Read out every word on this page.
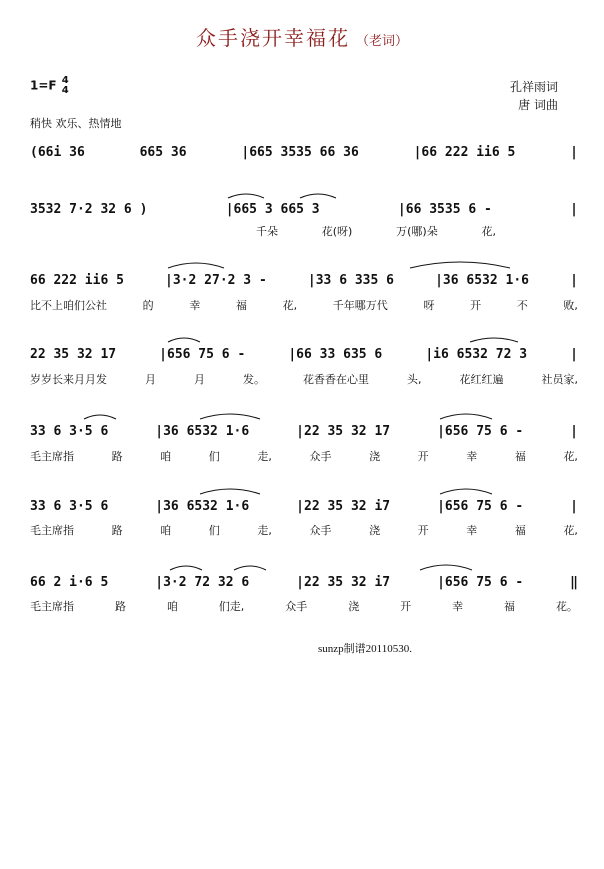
众手浇开幸福花 （老词）
1=F 4
4	孔祥雨词
唐 词曲
稍快 欢乐、热情地
(66i 36	665 36	|665 3535 66 36	|66 222 ii6 5	|
3532 7·2 32 6 )	|665 3 665 3	|66 3535 6 -	|
千朵	花(呀)	万(哪)朵	花,
66 222 ii6 5	|3·2 27·2 3 -	|33 6 335 6	|36 6532 1·6	|
比不上咱们公社	的	幸	福	花,	千年哪万代	呀	开	不	败,
22 35 32 17	|656 75 6 -	|66 33 635 6	|i6 6532 72 3	|
岁岁长来月月发	月	月	发。	花香香在心里	头,	花红红遍	社员家,
33 6 3·5 6	|36 6532 1·6	|22 35 32 17	|656 75 6 -	|
毛主席指	路	咱	们	走,	众手	浇	开	幸	福	花,
33 6 3·5 6	|36 6532 1·6	|22 35 32 i7	|656 75 6 -	|
毛主席指	路	咱	们	走,	众手	浇	开	幸	福	花,
66 2 i·6 5	|3·2 72 32 6	|22 35 32 i7	|656 75 6 -	‖
毛主席指	路	咱	们走,	众手	浇	开	幸	福	花。
sunzp制谱20110530.
